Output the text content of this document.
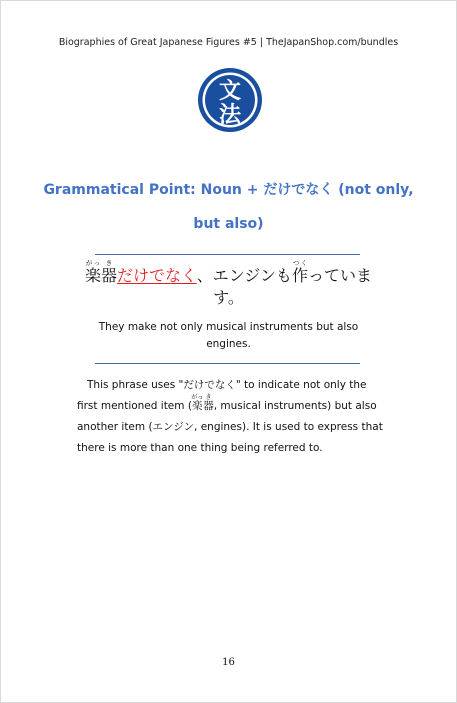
Biographies of Great Japanese Figures #5 | TheJapanShop.com/bundles
文
法
Grammatical Point: Noun + だけでなく (not only, but also)
楽がっ器きだけでなく、エンジンも作つくっています。
They make not only musical instruments but also engines.
This phrase uses "だけでなく" to indicate not only the first mentioned item (楽がっ器き, musical instruments) but also another item (エンジン, engines). It is used to express that there is more than one thing being referred to.
16
